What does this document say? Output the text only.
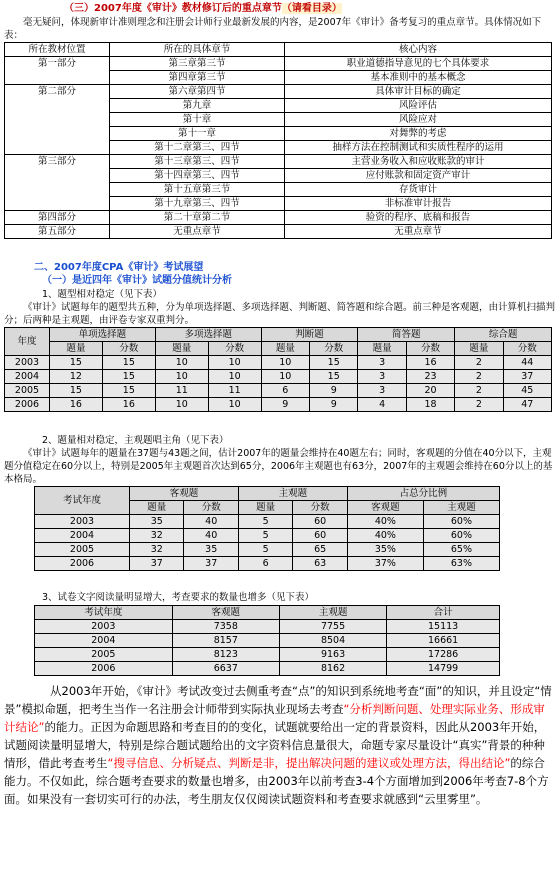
（三）2007年度《审计》教材修订后的重点章节（请看目录）

毫无疑问，体现新审计准则理念和注册会计师行业最新发展的内容，是2007年《审计》备考复习的重点章节。具体情况如下表：

所在教材位置	所在的具体章节	核心内容
第一部分	第三章第三节	职业道德指导意见的七个具体要求
	第四章第三节	基本准则中的基本概念
第二部分	第六章第四节	具体审计目标的确定
	第九章	风险评估
	第十章	风险应对
	第十一章	对舞弊的考虑
	第十二章第三、四节	抽样方法在控制测试和实质性程序的运用
第三部分	第十三章第三、四节	主营业务收入和应收账款的审计
	第十四章第三、四节	应付账款和固定资产审计
	第十五章第三节	存货审计
	第十九章第三、四节	非标准审计报告
第四部分	第二十章第二节	验资的程序、底稿和报告
第五部分	无重点章节	无重点章节
二、2007年度CPA《审计》考试展望
（一）是近四年《审计》试题分值统计分析
1、题型相对稳定（见下表）

《审计》试题每年的题型共五种，分为单项选择题、多项选择题、判断题、简答题和综合题。前三种是客观题，由计算机扫描判分；后两种是主观题，由评卷专家双重判分。

年度	单项选择题		多项选择题		判断题		简答题		综合题	
	题量	分数	题量	分数	题量	分数	题量	分数	题量	分数
2003	15	15	10	10	10	15	3	16	2	44
2004	12	15	10	10	10	15	3	23	2	37
2005	15	15	11	11	6	9	3	20	2	45
2006	16	16	10	10	9	9	4	18	2	47
2、题量相对稳定，主观题唱主角（见下表）

《审计》试题每年的题量在37题与43题之间，估计2007年的题量会维持在40题左右；同时，客观题的分值在40分以下，主观题分值稳定在60分以上，特别是2005年主观题首次达到65分，2006年主观题也有63分，2007年的主观题会维持在60分以上的基本格局。

考试年度	客观题		主观题		占总分比例	
	题量	分数	题量	分数	客观题	主观题
2003	35	40	5	60	40%	60%
2004	32	40	5	60	40%	60%
2005	32	35	5	65	35%	65%
2006	37	37	6	63	37%	63%
3、试卷文字阅读量明显增大，考查要求的数量也增多（见下表）
考试年度	客观题	主观题	合计
2003	7358	7755	15113
2004	8157	8504	16661
2005	8123	9163	17286
2006	6637	8162	14799
从2003年开始，《审计》考试改变过去侧重考查“点”的知识到系统地考查“面”的知识，并且设定“情景”模拟命题，把考生当作一名注册会计师带到实际执业现场去考查“分析判断问题、处理实际业务、形成审计结论”的能力。正因为命题思路和考查目的的变化，试题就要给出一定的背景资料，因此从2003年开始，试题阅读量明显增大，特别是综合题试题给出的文字资料信息量很大，命题专家尽量设计“真实”背景的种种情形，借此考查考生“搜寻信息、分析疑点、判断是非，提出解决问题的建议或处理方法，得出结论”的综合能力。不仅如此，综合题考查要求的数量也增多，由2003年以前考查3-4个方面增加到2006年考查7-8个方面。如果没有一套切实可行的办法，考生朋友仅仅阅读试题资料和考查要求就感到“云里雾里”。
